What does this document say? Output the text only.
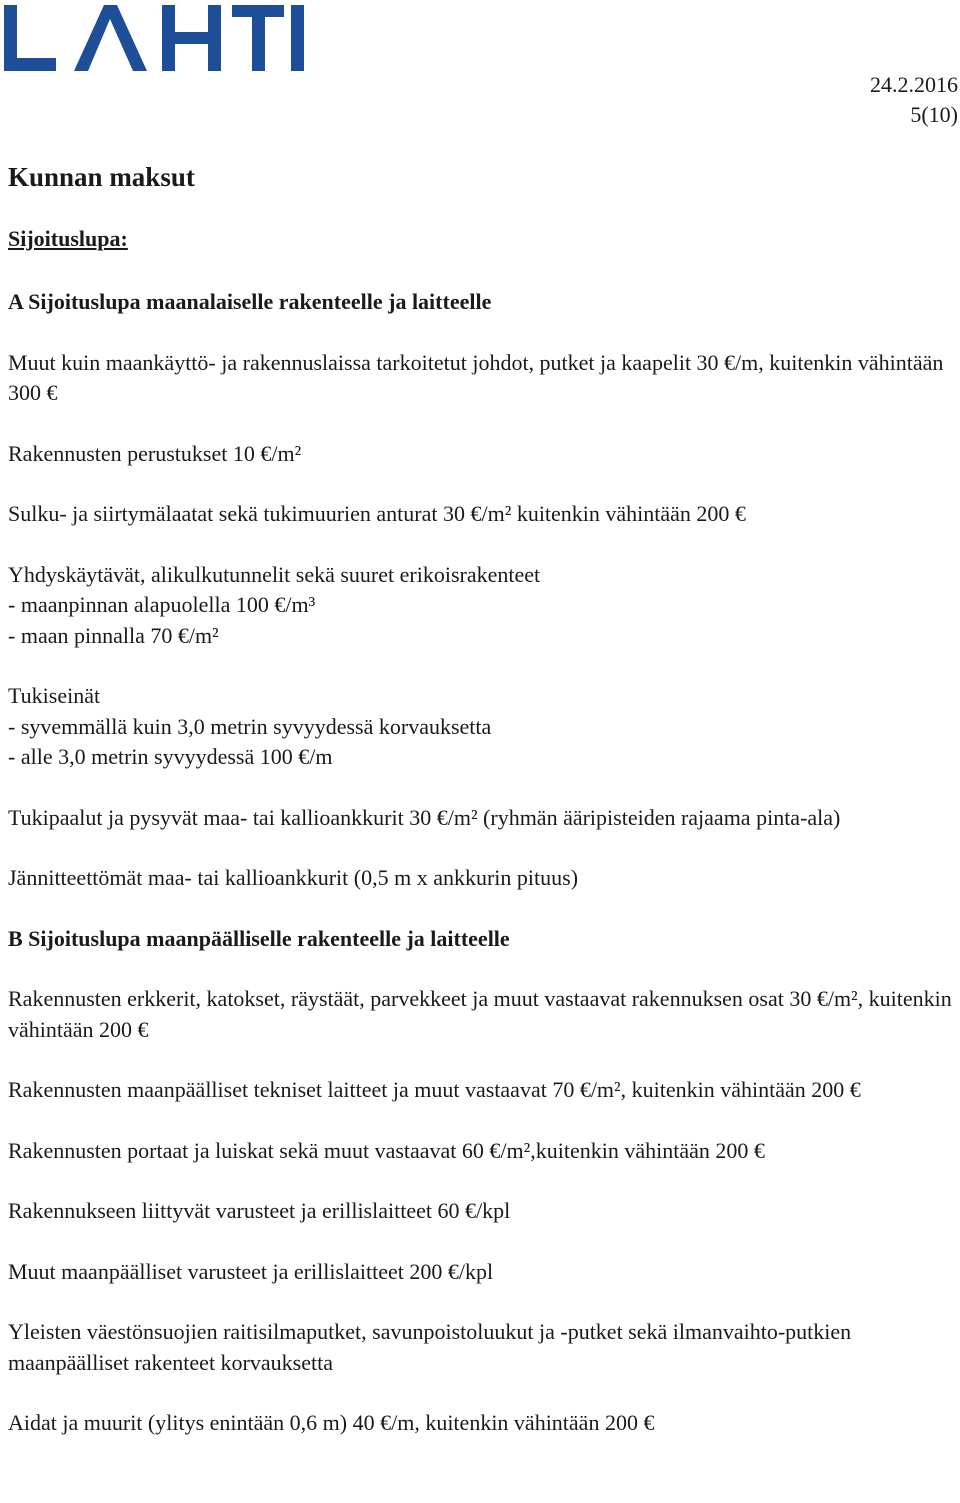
24.2.2016
5(10)
Kunnan maksut
Sijoituslupa:
A Sijoituslupa maanalaiselle rakenteelle ja laitteelle

Muut kuin maankäyttö- ja rakennuslaissa tarkoitetut johdot, putket ja kaapelit 30 €/m, kuitenkin vähintään 300 €

Rakennusten perustukset 10 €/m²

Sulku- ja siirtymälaatat sekä tukimuurien anturat 30 €/m² kuitenkin vähintään 200 €

Yhdyskäytävät, alikulkutunnelit sekä suuret erikoisrakenteet
- maanpinnan alapuolella 100 €/m³
- maan pinnalla 70 €/m²

Tukiseinät
- syvemmällä kuin 3,0 metrin syvyydessä korvauksetta
- alle 3,0 metrin syvyydessä 100 €/m

Tukipaalut ja pysyvät maa- tai kallioankkurit 30 €/m² (ryhmän ääripisteiden rajaama pinta-ala)

Jännitteettömät maa- tai kallioankkurit (0,5 m x ankkurin pituus)

B Sijoituslupa maanpäälliselle rakenteelle ja laitteelle

Rakennusten erkkerit, katokset, räystäät, parvekkeet ja muut vastaavat rakennuksen osat 30 €/m², kuitenkin vähintään 200 €

Rakennusten maanpäälliset tekniset laitteet ja muut vastaavat 70 €/m², kuitenkin vähintään 200 €

Rakennusten portaat ja luiskat sekä muut vastaavat 60 €/m²,kuitenkin vähintään 200 €

Rakennukseen liittyvät varusteet ja erillislaitteet 60 €/kpl

Muut maanpäälliset varusteet ja erillislaitteet 200 €/kpl

Yleisten väestönsuojien raitisilmaputket, savunpoistoluukut ja -putket sekä ilmanvaihto-putkien maanpäälliset rakenteet korvauksetta

Aidat ja muurit (ylitys enintään 0,6 m) 40 €/m, kuitenkin vähintään 200 €
